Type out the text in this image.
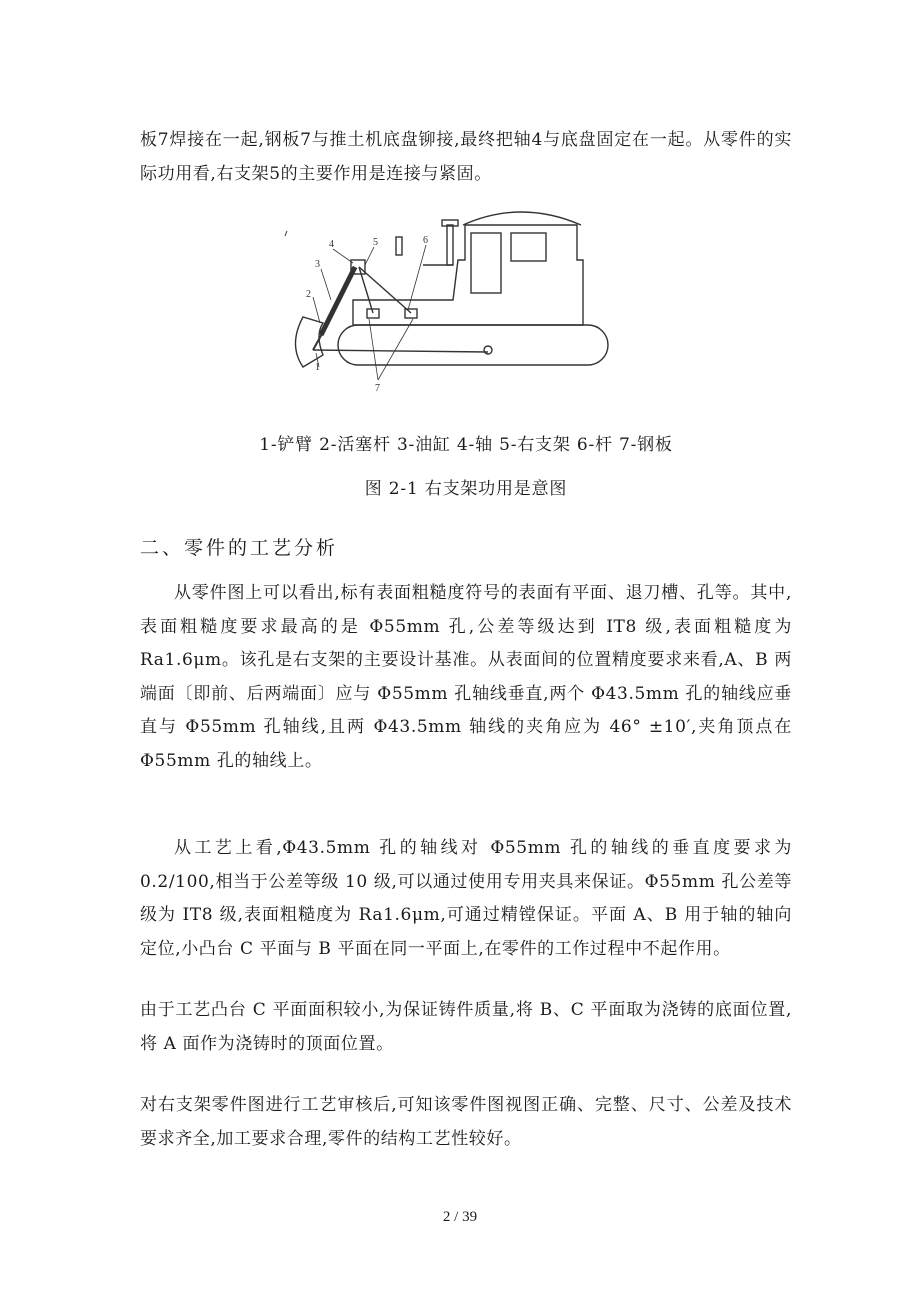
板7焊接在一起,钢板7与推土机底盘铆接,最终把轴4与底盘固定在一起。从零件的实际功用看,右支架5的主要作用是连接与紧固。

1
2
3
4	5	6
7

1-铲臂 2-活塞杆 3-油缸 4-轴 5-右支架 6-杆 7-钢板

图 2-1 右支架功用是意图

二、零件的工艺分析

从零件图上可以看出,标有表面粗糙度符号的表面有平面、退刀槽、孔等。其中,表面粗糙度要求最高的是 Φ55mm 孔,公差等级达到 IT8 级,表面粗糙度为Ra1.6μm。该孔是右支架的主要设计基准。从表面间的位置精度要求来看,A、B 两端面〔即前、后两端面〕应与 Φ55mm 孔轴线垂直,两个 Φ43.5mm 孔的轴线应垂直与 Φ55mm 孔轴线,且两 Φ43.5mm 轴线的夹角应为 46° ±10′,夹角顶点在 Φ55mm 孔的轴线上。

从工艺上看,Φ43.5mm 孔的轴线对 Φ55mm 孔的轴线的垂直度要求为 0.2/100,相当于公差等级 10 级,可以通过使用专用夹具来保证。Φ55mm 孔公差等级为 IT8 级,表面粗糙度为 Ra1.6μm,可通过精镗保证。平面 A、B 用于轴的轴向定位,小凸台 C 平面与 B 平面在同一平面上,在零件的工作过程中不起作用。

由于工艺凸台 C 平面面积较小,为保证铸件质量,将 B、C 平面取为浇铸的底面位置,将 A 面作为浇铸时的顶面位置。

对右支架零件图进行工艺审核后,可知该零件图视图正确、完整、尺寸、公差及技术要求齐全,加工要求合理,零件的结构工艺性较好。

2 / 39
